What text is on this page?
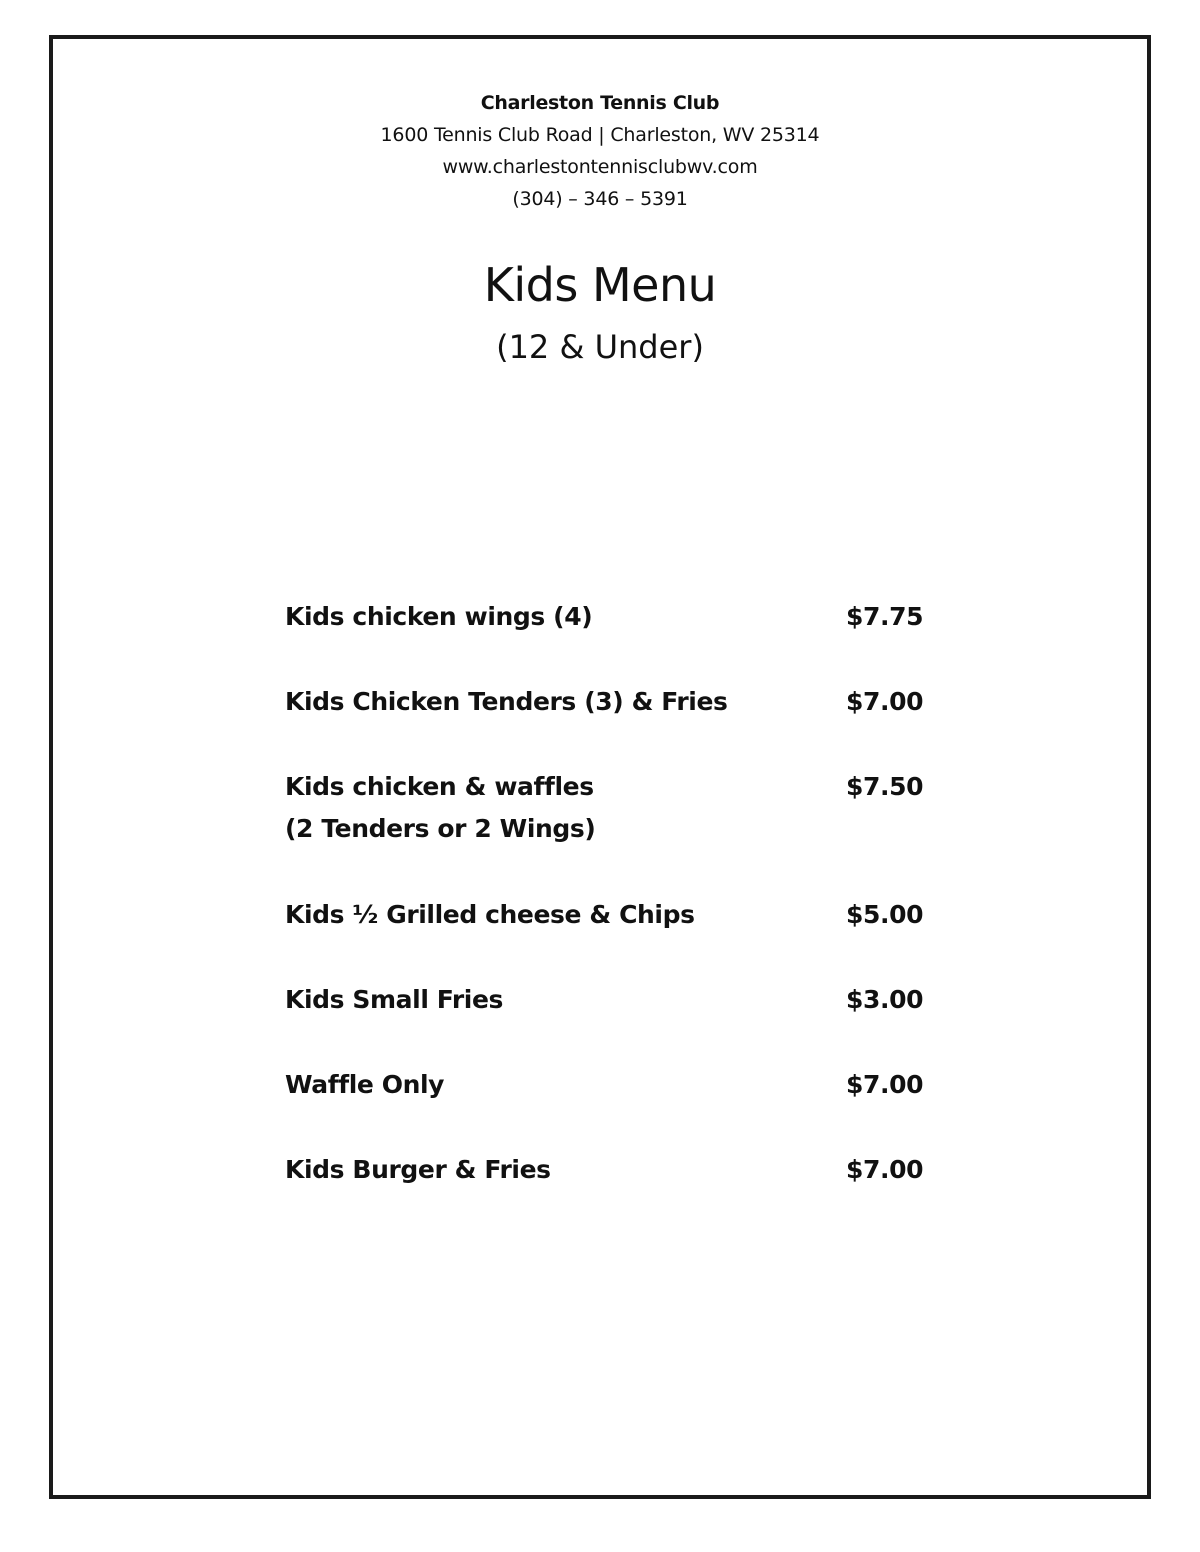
Charleston Tennis Club
1600 Tennis Club Road | Charleston, WV 25314
www.charlestontennisclubwv.com
(304) – 346 – 5391
Kids Menu
(12 & Under)
Kids chicken wings (4)	$7.75
Kids Chicken Tenders (3) & Fries	$7.00
Kids chicken & waffles	$7.50
(2 Tenders or 2 Wings)
Kids ½ Grilled cheese & Chips	$5.00
Kids Small Fries	$3.00
Waffle Only	$7.00
Kids Burger & Fries	$7.00
